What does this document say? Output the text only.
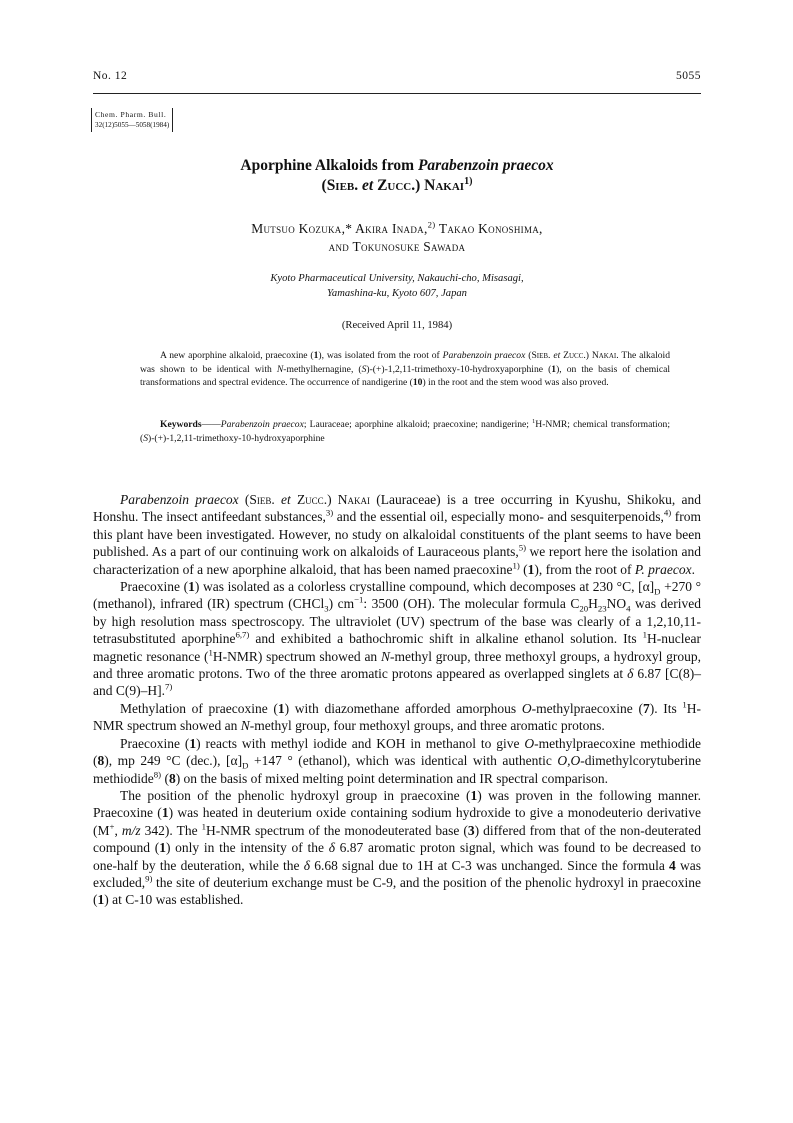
No. 12	5055
Chem. Pharm. Bull.
32(12)5055—5058(1984)
Aporphine Alkaloids from Parabenzoin praecox
(Sieb. et Zucc.) Nakai$^{1)}$
Mutsuo Kozuka,* Akira Inada,$^{2)}$ Takao Konoshima,
and Tokunosuke Sawada
Kyoto Pharmaceutical University, Nakauchi-cho, Misasagi,
Yamashina-ku, Kyoto 607, Japan
(Received April 11, 1984)

A new aporphine alkaloid, praecoxine (1), was isolated from the root of Parabenzoin praecox (Sieb. et Zucc.) Nakai. The alkaloid was shown to be identical with N-methylhernagine, (S)-(+)-1,2,11-trimethoxy-10-hydroxyaporphine (1), on the basis of chemical transformations and spectral evidence. The occurrence of nandigerine (10) in the root and the stem wood was also proved.

Keywords——Parabenzoin praecox; Lauraceae; aporphine alkaloid; praecoxine; nandigerine; $^1$H-NMR; chemical transformation; (S)-(+)-1,2,11-trimethoxy-10-hydroxyaporphine

Parabenzoin praecox (Sieb. et Zucc.) Nakai (Lauraceae) is a tree occurring in Kyushu, Shikoku, and Honshu. The insect antifeedant substances,$^{3)}$ and the essential oil, especially mono- and sesquiterpenoids,$^{4)}$ from this plant have been investigated. However, no study on alkaloidal constituents of the plant seems to have been published. As a part of our continuing work on alkaloids of Lauraceous plants,$^{5)}$ we report here the isolation and characterization of a new aporphine alkaloid, that has been named praecoxine$^{1)}$ (1), from the root of P. praecox.

Praecoxine (1) was isolated as a colorless crystalline compound, which decomposes at 230 °C, $[\alpha]_D +270$ ° (methanol), infrared (IR) spectrum (CHCl$_3$) $cm^{-1}$: 3500 (OH). The molecular formula $C_{20}H_{23}NO_4$ was derived by high resolution mass spectroscopy. The ultraviolet (UV) spectrum of the base was clearly of a 1,2,10,11-tetrasubstituted aporphine$^{6,7)}$ and exhibited a bathochromic shift in alkaline ethanol solution. Its $^1$H-nuclear magnetic resonance ($^1$H-NMR) spectrum showed an N-methyl group, three methoxyl groups, a hydroxyl group, and three aromatic protons. Two of the three aromatic protons appeared as overlapped singlets at δ 6.87 [C(8)– and C(9)–H].$^{7)}$

Methylation of praecoxine (1) with diazomethane afforded amorphous O-methylpraecoxine (7). Its $^1$H-NMR spectrum showed an N-methyl group, four methoxyl groups, and three aromatic protons.

Praecoxine (1) reacts with methyl iodide and KOH in methanol to give O-methylpraecoxine methiodide (8), mp 249 °C (dec.), $[\alpha]_D +147$ ° (ethanol), which was identical with authentic O,O-dimethylcorytuberine methiodide$^{8)}$ (8) on the basis of mixed melting point determination and IR spectral comparison.

The position of the phenolic hydroxyl group in praecoxine (1) was proven in the following manner. Praecoxine (1) was heated in deuterium oxide containing sodium hydroxide to give a monodeuterio derivative (M+, m/z 342). The $^1$H-NMR spectrum of the monodeuterated base (3) differed from that of the non-deuterated compound (1) only in the intensity of the δ 6.87 aromatic proton signal, which was found to be decreased to one-half by the deuteration, while the δ 6.68 signal due to 1H at C-3 was unchanged. Since the formula 4 was excluded,$^{9)}$ the site of deuterium exchange must be C-9, and the position of the phenolic hydroxyl in praecoxine (1) at C-10 was established.
